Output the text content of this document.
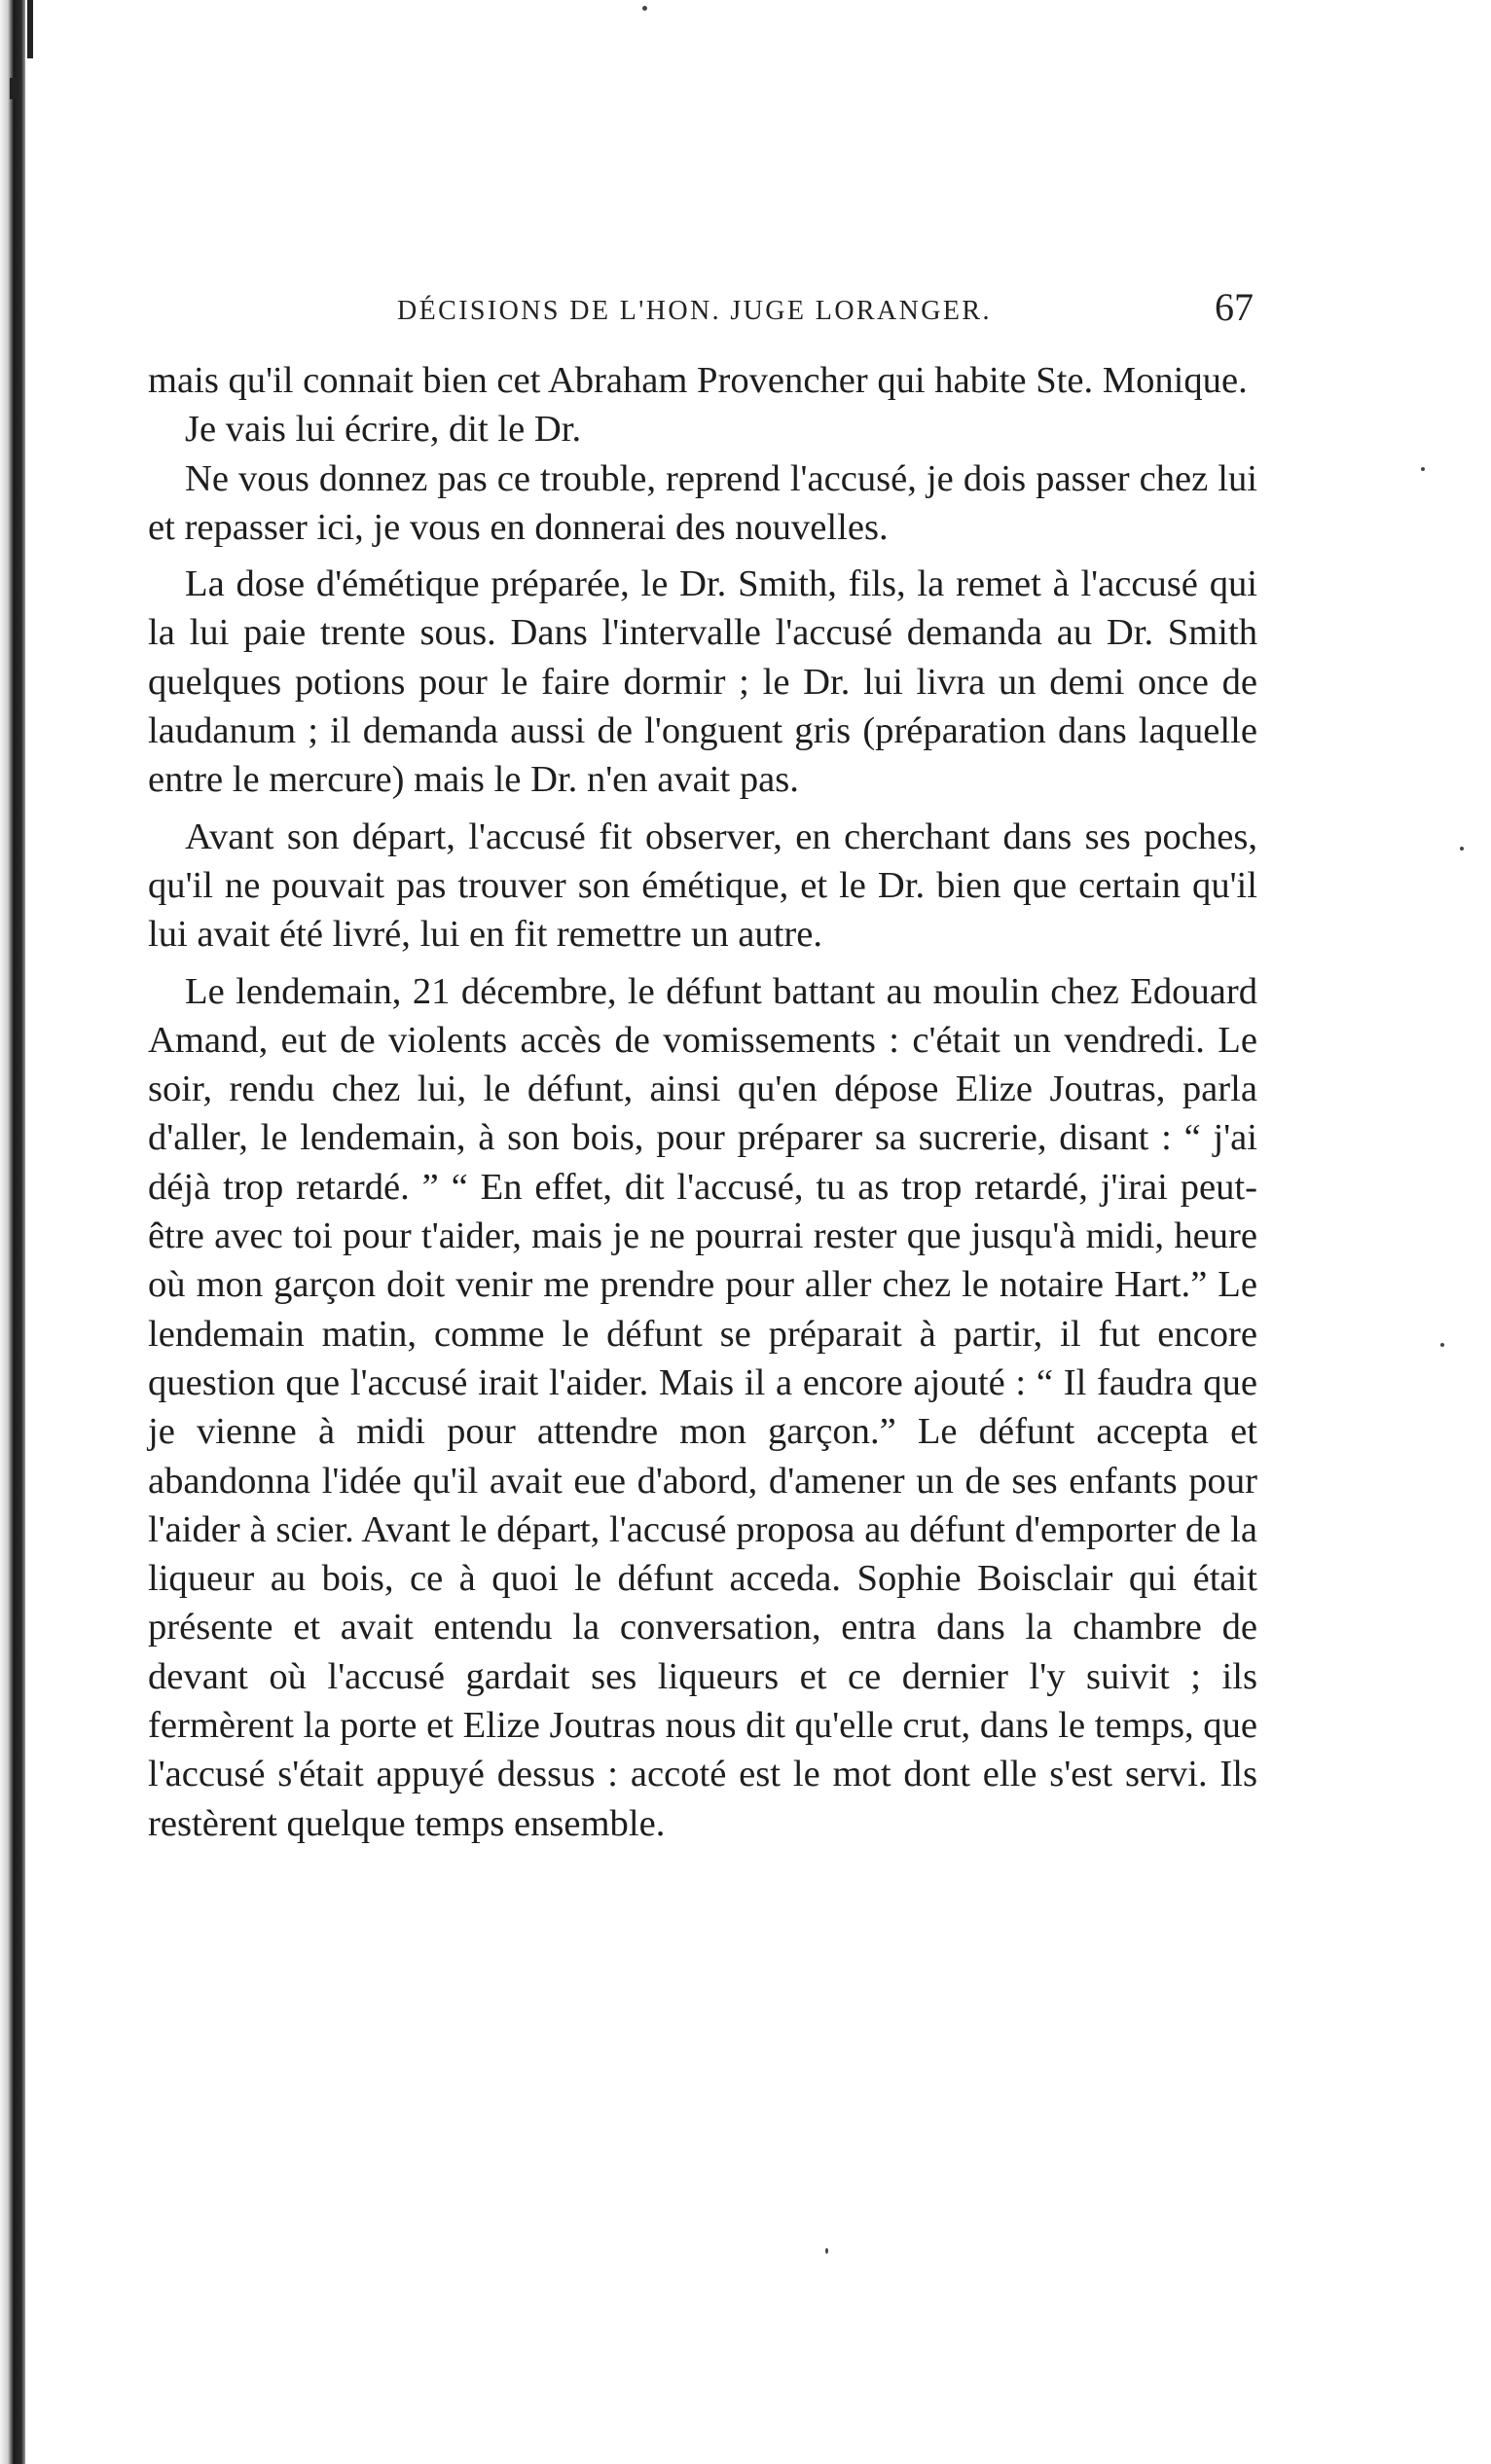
DÉCISIONS DE L'HON. JUGE LORANGER.	67

mais qu'il connait bien cet Abraham Provencher qui habite Ste. Monique.

Je vais lui écrire, dit le Dr.

Ne vous donnez pas ce trouble, reprend l'accusé, je dois passer chez lui et repasser ici, je vous en donnerai des nouvelles.

La dose d'émétique préparée, le Dr. Smith, fils, la remet à l'accusé qui la lui paie trente sous. Dans l'intervalle l'accusé demanda au Dr. Smith quelques potions pour le faire dormir ; le Dr. lui livra un demi once de laudanum ; il demanda aussi de l'onguent gris (préparation dans laquelle entre le mercure) mais le Dr. n'en avait pas.

Avant son départ, l'accusé fit observer, en cherchant dans ses poches, qu'il ne pouvait pas trouver son émétique, et le Dr. bien que certain qu'il lui avait été livré, lui en fit remettre un autre.

Le lendemain, 21 décembre, le défunt battant au moulin chez Edouard Amand, eut de violents accès de vomissements : c'était un vendredi. Le soir, rendu chez lui, le défunt, ainsi qu'en dépose Elize Joutras, parla d'aller, le lendemain, à son bois, pour préparer sa sucrerie, disant : “ j'ai déjà trop retardé. ” “ En effet, dit l'accusé, tu as trop retardé, j'irai peut-être avec toi pour t'aider, mais je ne pourrai rester que jusqu'à midi, heure où mon garçon doit venir me prendre pour aller chez le notaire Hart.” Le lendemain matin, comme le défunt se préparait à partir, il fut encore question que l'accusé irait l'aider. Mais il a encore ajouté : “ Il faudra que je vienne à midi pour attendre mon garçon.” Le défunt accepta et abandonna l'idée qu'il avait eue d'abord, d'amener un de ses enfants pour l'aider à scier. Avant le départ, l'accusé proposa au défunt d'emporter de la liqueur au bois, ce à quoi le défunt acceda. Sophie Boisclair qui était présente et avait entendu la conversation, entra dans la chambre de devant où l'accusé gardait ses liqueurs et ce dernier l'y suivit ; ils fermèrent la porte et Elize Joutras nous dit qu'elle crut, dans le temps, que l'accusé s'était appuyé dessus : accoté est le mot dont elle s'est servi. Ils restèrent quelque temps ensemble.
